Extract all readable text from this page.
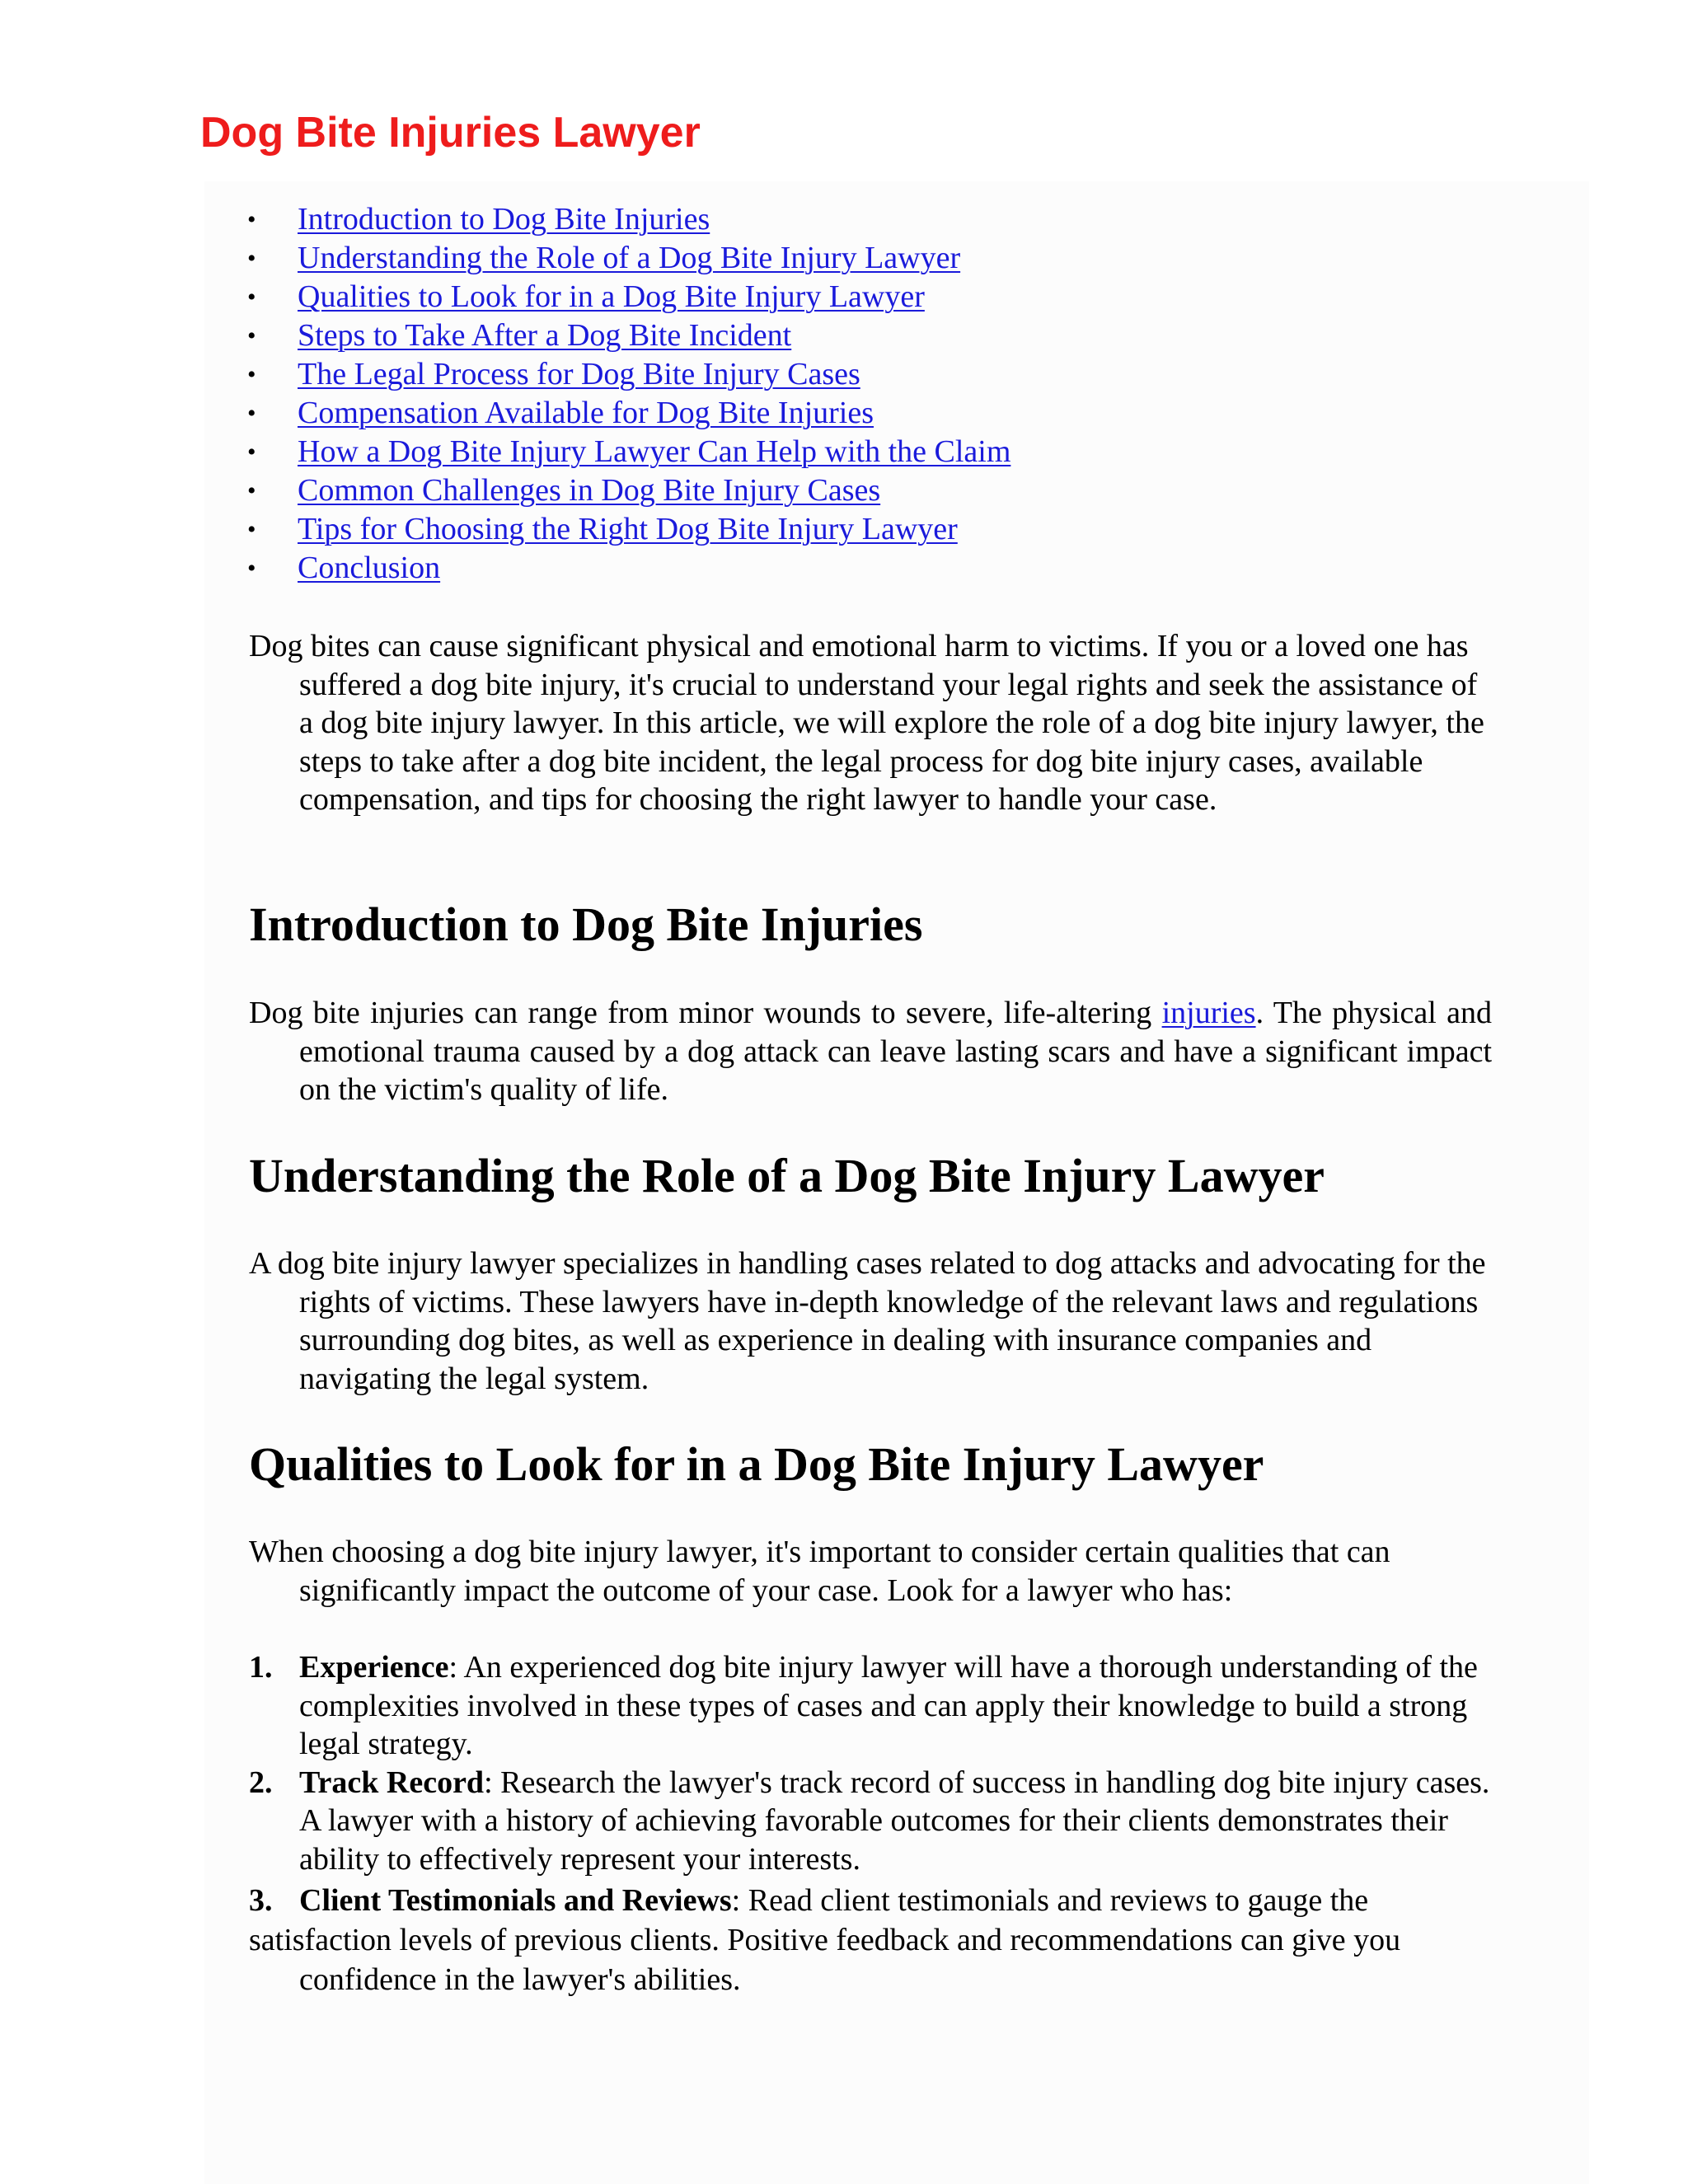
Dog Bite Injuries Lawyer
• Introduction to Dog Bite Injuries
• Understanding the Role of a Dog Bite Injury Lawyer
• Qualities to Look for in a Dog Bite Injury Lawyer
• Steps to Take After a Dog Bite Incident
• The Legal Process for Dog Bite Injury Cases
• Compensation Available for Dog Bite Injuries
• How a Dog Bite Injury Lawyer Can Help with the Claim
• Common Challenges in Dog Bite Injury Cases
• Tips for Choosing the Right Dog Bite Injury Lawyer
• Conclusion

Dog bites can cause significant physical and emotional harm to victims. If you or a loved one has suffered a dog bite injury, it's crucial to understand your legal rights and seek the assistance of a dog bite injury lawyer. In this article, we will explore the role of a dog bite injury lawyer, the steps to take after a dog bite incident, the legal process for dog bite injury cases, available compensation, and tips for choosing the right lawyer to handle your case.

Introduction to Dog Bite Injuries

Dog bite injuries can range from minor wounds to severe, life-altering injuries. The physical and emotional trauma caused by a dog attack can leave lasting scars and have a significant impact on the victim's quality of life.

Understanding the Role of a Dog Bite Injury Lawyer

A dog bite injury lawyer specializes in handling cases related to dog attacks and advocating for the rights of victims. These lawyers have in-depth knowledge of the relevant laws and regulations surrounding dog bites, as well as experience in dealing with insurance companies and navigating the legal system.

Qualities to Look for in a Dog Bite Injury Lawyer

When choosing a dog bite injury lawyer, it's important to consider certain qualities that can significantly impact the outcome of your case. Look for a lawyer who has:

1. Experience: An experienced dog bite injury lawyer will have a thorough understanding of the complexities involved in these types of cases and can apply their knowledge to build a strong legal strategy.
2. Track Record: Research the lawyer's track record of success in handling dog bite injury cases. A lawyer with a history of achieving favorable outcomes for their clients demonstrates their ability to effectively represent your interests.
3. Client Testimonials and Reviews: Read client testimonials and reviews to gauge the
satisfaction levels of previous clients. Positive feedback and recommendations can give you
confidence in the lawyer's abilities.
